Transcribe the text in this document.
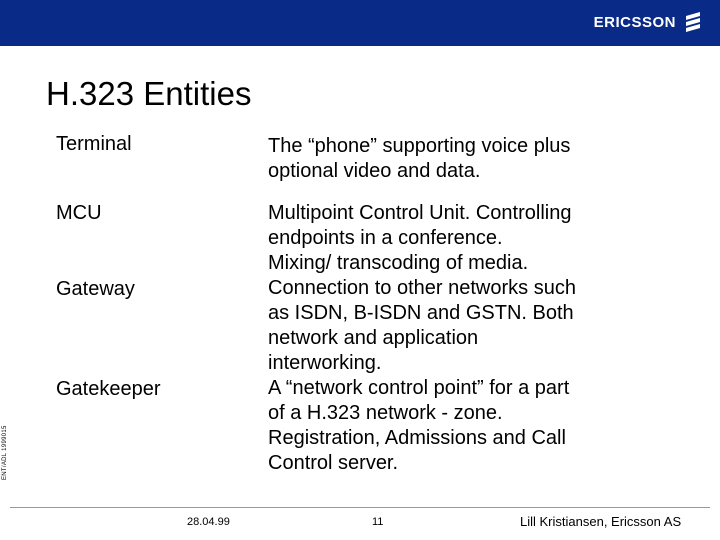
ERICSSON
H.323 Entities
Terminal
MCU
Gateway
Gatekeeper
The “phone” supporting voice plus
optional video and data.
Multipoint Control Unit. Controlling
endpoints in a conference.
Mixing/ transcoding of media.
Connection to other networks such
as ISDN, B-ISDN and GSTN. Both
network and application
interworking.
A “network control point” for a part
of a H.323 network - zone.
Registration, Admissions and Call
Control server.
ENT/ADL 1999015
28.04.99	11	Lill Kristiansen, Ericsson AS
